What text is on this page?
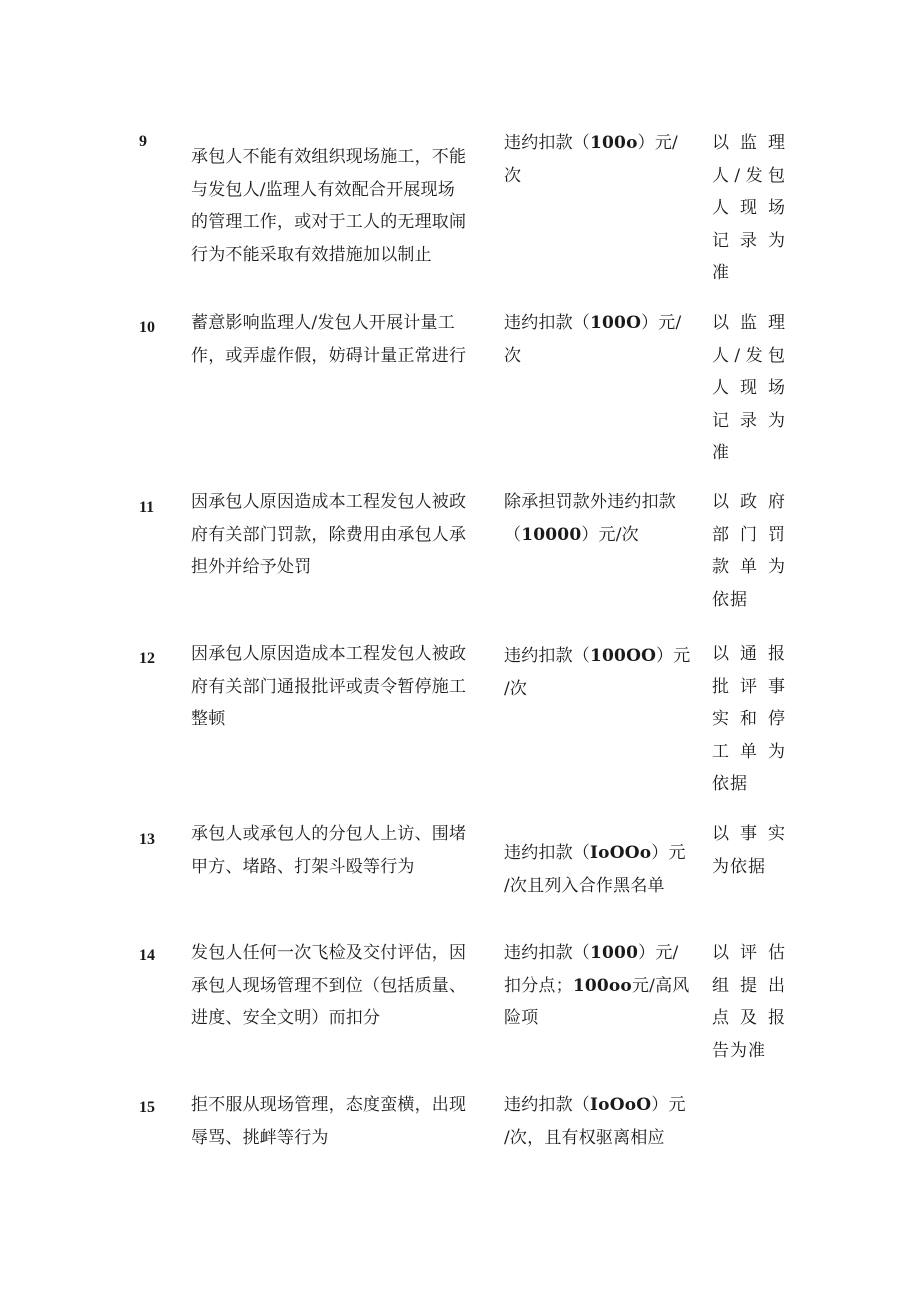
9
承包人不能有效组织现场施工，不能
与发包人/监理人有效配合开展现场
的管理工作，或对于工人的无理取闹
行为不能采取有效措施加以制止
违约扣款（100o）元/
次
以监理
人/发包
人现场
记录为
准
10 蓄意影响监理人/发包人开展计量工
作，或弄虚作假，妨碍计量正常进行
违约扣款（100O）元/
次
以监理
人/发包
人现场
记录为
准
11 因承包人原因造成本工程发包人被政
府有关部门罚款，除费用由承包人承
担外并给予处罚
除承担罚款外违约扣款
（10000）元/次
以政府
部门罚
款单为
依据
12 因承包人原因造成本工程发包人被政
府有关部门通报批评或责令暂停施工
整顿
违约扣款（100OO）元
/次
以通报
批评事
实和停
工单为
依据
13 承包人或承包人的分包人上访、围堵
甲方、堵路、打架斗殴等行为
违约扣款（IoOOo）元
/次且列入合作黑名单
以事实
为依据
14 发包人任何一次飞检及交付评估，因
承包人现场管理不到位（包括质量、
进度、安全文明）而扣分
违约扣款（1000）元/
扣分点；100oo元/高风
险项
以评估
组提出
点及报
告为准
15 拒不服从现场管理，态度蛮横，出现
辱骂、挑衅等行为
违约扣款（IoOoO）元
/次，且有权驱离相应
